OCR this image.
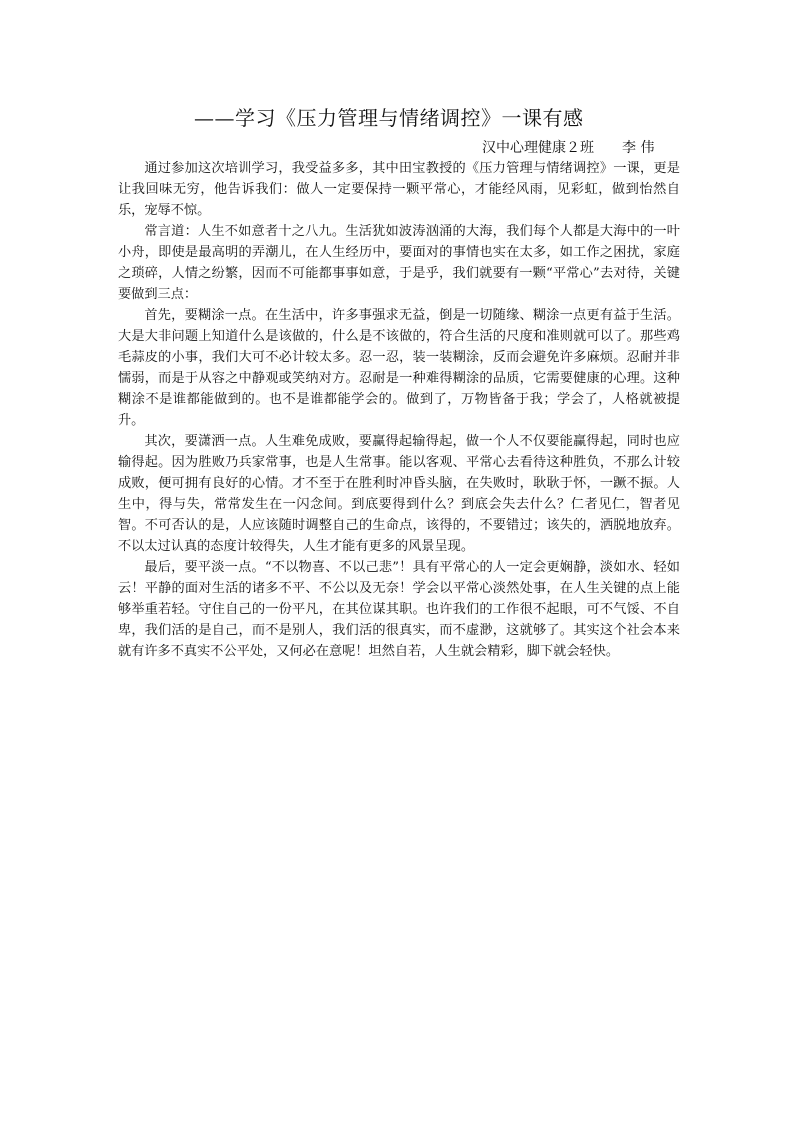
——学习《压力管理与情绪调控》一课有感
汉中心理健康２班 李 伟

通过参加这次培训学习，我受益多多，其中田宝教授的《压力管理与情绪调控》一课，更是让我回味无穷，他告诉我们：做人一定要保持一颗平常心，才能经风雨，见彩虹，做到怡然自乐，宠辱不惊。

常言道：人生不如意者十之八九。生活犹如波涛汹涌的大海，我们每个人都是大海中的一叶小舟，即使是最高明的弄潮儿，在人生经历中，要面对的事情也实在太多，如工作之困扰，家庭之琐碎，人情之纷繁，因而不可能都事事如意，于是乎，我们就要有一颗“平常心”去对待，关键要做到三点：

首先，要糊涂一点。在生活中，许多事强求无益，倒是一切随缘、糊涂一点更有益于生活。大是大非问题上知道什么是该做的，什么是不该做的，符合生活的尺度和准则就可以了。那些鸡毛蒜皮的小事，我们大可不必计较太多。忍一忍，装一装糊涂，反而会避免许多麻烦。忍耐并非懦弱，而是于从容之中静观或笑纳对方。忍耐是一种难得糊涂的品质，它需要健康的心理。这种糊涂不是谁都能做到的。也不是谁都能学会的。做到了，万物皆备于我；学会了，人格就被提升。

其次，要潇洒一点。人生难免成败，要赢得起输得起，做一个人不仅要能赢得起，同时也应输得起。因为胜败乃兵家常事，也是人生常事。能以客观、平常心去看待这种胜负，不那么计较成败，便可拥有良好的心情。才不至于在胜利时冲昏头脑，在失败时，耿耿于怀，一蹶不振。人生中，得与失，常常发生在一闪念间。到底要得到什么？到底会失去什么？仁者见仁，智者见智。不可否认的是，人应该随时调整自己的生命点，该得的，不要错过；该失的，洒脱地放弃。不以太过认真的态度计较得失，人生才能有更多的风景呈现。

最后，要平淡一点。“不以物喜、不以己悲”！具有平常心的人一定会更娴静，淡如水、轻如云！平静的面对生活的诸多不平、不公以及无奈！学会以平常心淡然处事，在人生关键的点上能够举重若轻。守住自己的一份平凡，在其位谋其职。也许我们的工作很不起眼，可不气馁、不自卑，我们活的是自己，而不是别人，我们活的很真实，而不虚渺，这就够了。其实这个社会本来就有许多不真实不公平处，又何必在意呢！坦然自若，人生就会精彩，脚下就会轻快。
